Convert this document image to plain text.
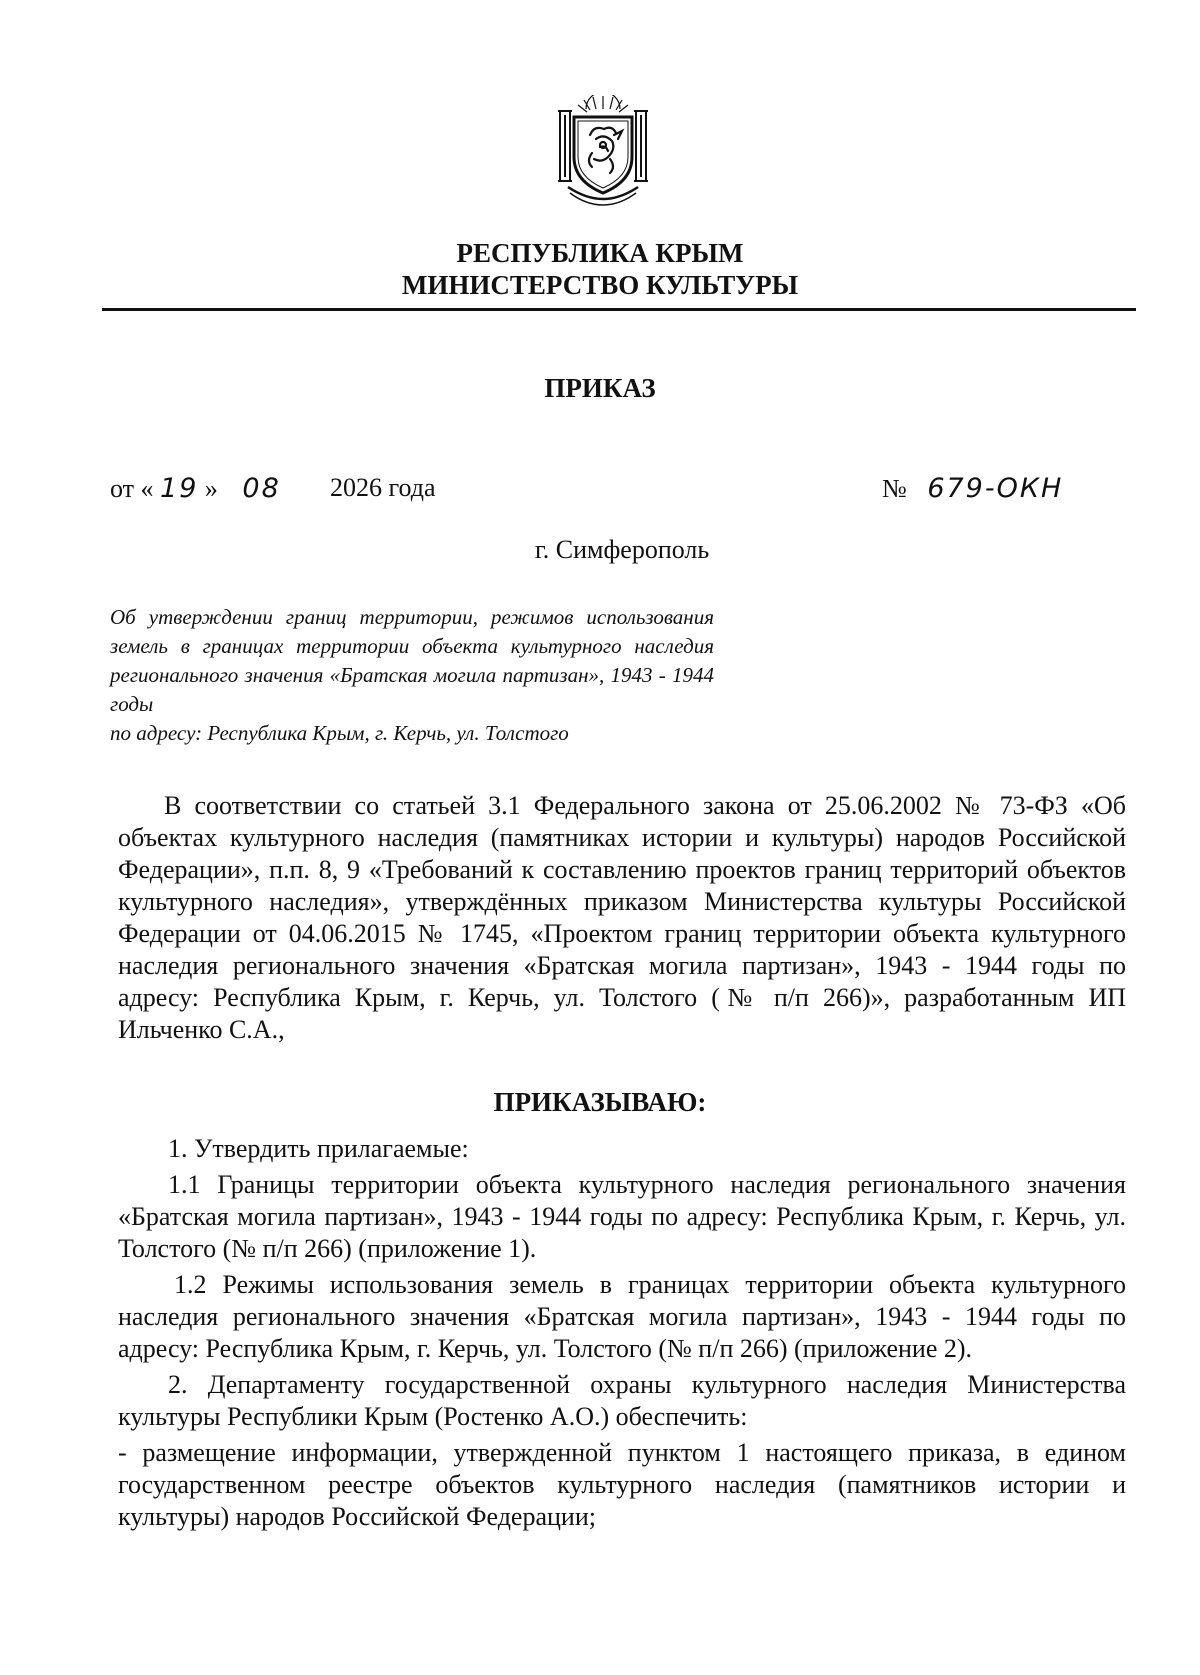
РЕСПУБЛИКА КРЫМ
МИНИСТЕРСТВО КУЛЬТУРЫ
ПРИКАЗ
от « 19 » 08 2026 года	№ 679-ОКН
г. Симферополь
Об утверждении границ территории, режимов использования земель в границах территории объекта культурного наследия регионального значения «Братская могила партизан», 1943 - 1944 годы
по адресу: Республика Крым, г. Керчь, ул. Толстого
В соответствии со статьей 3.1 Федерального закона от 25.06.2002 № 73-ФЗ «Об объектах культурного наследия (памятниках истории и культуры) народов Российской Федерации», п.п. 8, 9 «Требований к составлению проектов границ территорий объектов культурного наследия», утверждённых приказом Министерства культуры Российской Федерации от 04.06.2015 № 1745, «Проектом границ территории объекта культурного наследия регионального значения «Братская могила партизан», 1943 - 1944 годы по адресу: Республика Крым, г. Керчь, ул. Толстого (№ п/п 266)», разработанным ИП Ильченко С.А.,
ПРИКАЗЫВАЮ:

1. Утвердить прилагаемые:

1.1 Границы территории объекта культурного наследия регионального значения «Братская могила партизан», 1943 - 1944 годы по адресу: Республика Крым, г. Керчь, ул. Толстого (№ п/п 266) (приложение 1).

1.2 Режимы использования земель в границах территории объекта культурного наследия регионального значения «Братская могила партизан», 1943 - 1944 годы по адресу: Республика Крым, г. Керчь, ул. Толстого (№ п/п 266) (приложение 2).

2. Департаменту государственной охраны культурного наследия Министерства культуры Республики Крым (Ростенко А.О.) обеспечить:

- размещение информации, утвержденной пунктом 1 настоящего приказа, в едином государственном реестре объектов культурного наследия (памятников истории и культуры) народов Российской Федерации;
